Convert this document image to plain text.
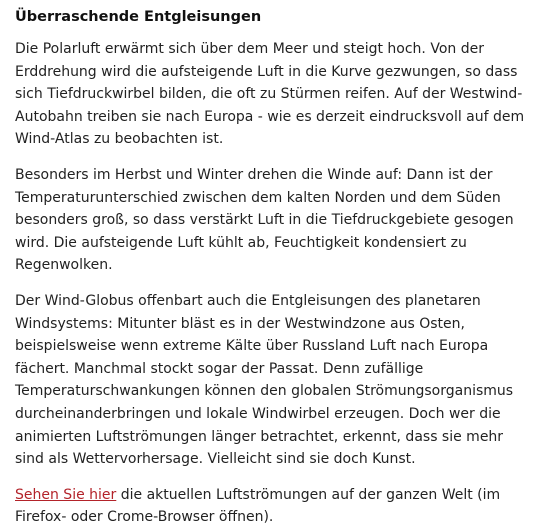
Überraschende Entgleisungen

Die Polarluft erwärmt sich über dem Meer und steigt hoch. Von der Erddrehung wird die aufsteigende Luft in die Kurve gezwungen, so dass sich Tiefdruckwirbel bilden, die oft zu Stürmen reifen. Auf der Westwind-Autobahn treiben sie nach Europa - wie es derzeit eindrucksvoll auf dem Wind-Atlas zu beobachten ist.

Besonders im Herbst und Winter drehen die Winde auf: Dann ist der Temperaturunterschied zwischen dem kalten Norden und dem Süden besonders groß, so dass verstärkt Luft in die Tiefdruckgebiete gesogen wird. Die aufsteigende Luft kühlt ab, Feuchtigkeit kondensiert zu Regenwolken.

Der Wind-Globus offenbart auch die Entgleisungen des planetaren Windsystems: Mitunter bläst es in der Westwindzone aus Osten, beispielsweise wenn extreme Kälte über Russland Luft nach Europa fächert. Manchmal stockt sogar der Passat. Denn zufällige Temperaturschwankungen können den globalen Strömungsorganismus durcheinanderbringen und lokale Windwirbel erzeugen. Doch wer die animierten Luftströmungen länger betrachtet, erkennt, dass sie mehr sind als Wettervorhersage. Vielleicht sind sie doch Kunst.

Sehen Sie hier die aktuellen Luftströmungen auf der ganzen Welt (im Firefox- oder Crome-Browser öffnen).
